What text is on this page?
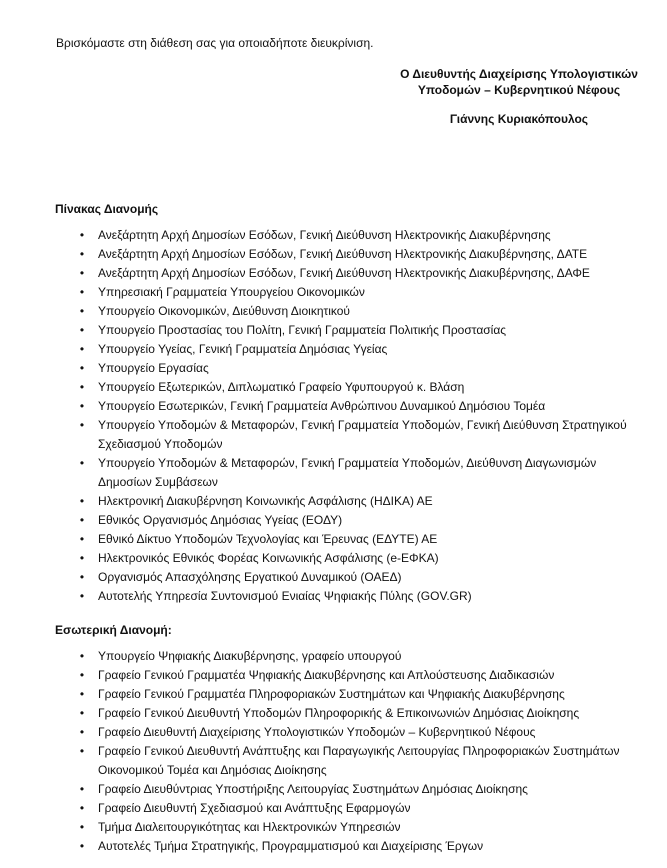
Βρισκόμαστε στη διάθεση σας για οποιαδήποτε διευκρίνιση.
Ο Διευθυντής Διαχείρισης Υπολογιστικών
Υποδομών – Κυβερνητικού Νέφους
Γιάννης Κυριακόπουλος
Πίνακας Διανομής
• Ανεξάρτητη Αρχή Δημοσίων Εσόδων, Γενική Διεύθυνση Ηλεκτρονικής Διακυβέρνησης
• Ανεξάρτητη Αρχή Δημοσίων Εσόδων, Γενική Διεύθυνση Ηλεκτρονικής Διακυβέρνησης, ΔΑΤΕ
• Ανεξάρτητη Αρχή Δημοσίων Εσόδων, Γενική Διεύθυνση Ηλεκτρονικής Διακυβέρνησης, ΔΑΦΕ
• Υπηρεσιακή Γραμματεία Υπουργείου Οικονομικών
• Υπουργείο Οικονομικών, Διεύθυνση Διοικητικού
• Υπουργείο Προστασίας του Πολίτη, Γενική Γραμματεία Πολιτικής Προστασίας
• Υπουργείο Υγείας, Γενική Γραμματεία Δημόσιας Υγείας
• Υπουργείο Εργασίας
• Υπουργείο Εξωτερικών, Διπλωματικό Γραφείο Υφυπουργού κ. Βλάση
• Υπουργείο Εσωτερικών, Γενική Γραμματεία Ανθρώπινου Δυναμικού Δημόσιου Τομέα
• Υπουργείο Υποδομών & Μεταφορών, Γενική Γραμματεία Υποδομών, Γενική Διεύθυνση Στρατηγικού Σχεδιασμού Υποδομών
• Υπουργείο Υποδομών & Μεταφορών, Γενική Γραμματεία Υποδομών, Διεύθυνση Διαγωνισμών Δημοσίων Συμβάσεων
• Ηλεκτρονική Διακυβέρνηση Κοινωνικής Ασφάλισης (ΗΔΙΚΑ) ΑΕ
• Εθνικός Οργανισμός Δημόσιας Υγείας (ΕΟΔΥ)
• Εθνικό Δίκτυο Υποδομών Τεχνολογίας και Έρευνας (ΕΔΥΤΕ) ΑΕ
• Ηλεκτρονικός Εθνικός Φορέας Κοινωνικής Ασφάλισης (e-ΕΦΚΑ)
• Οργανισμός Απασχόλησης Εργατικού Δυναμικού (ΟΑΕΔ)
• Αυτοτελής Υπηρεσία Συντονισμού Ενιαίας Ψηφιακής Πύλης (GOV.GR)
Εσωτερική Διανομή:
• Υπουργείο Ψηφιακής Διακυβέρνησης, γραφείο υπουργού
• Γραφείο Γενικού Γραμματέα Ψηφιακής Διακυβέρνησης και Απλούστευσης Διαδικασιών
• Γραφείο Γενικού Γραμματέα Πληροφοριακών Συστημάτων και Ψηφιακής Διακυβέρνησης
• Γραφείο Γενικού Διευθυντή Υποδομών Πληροφορικής & Επικοινωνιών Δημόσιας Διοίκησης
• Γραφείο Διευθυντή Διαχείρισης Υπολογιστικών Υποδομών – Κυβερνητικού Νέφους
• Γραφείο Γενικού Διευθυντή Ανάπτυξης και Παραγωγικής Λειτουργίας Πληροφοριακών Συστημάτων Οικονομικού Τομέα και Δημόσιας Διοίκησης
• Γραφείο Διευθύντριας Υποστήριξης Λειτουργίας Συστημάτων Δημόσιας Διοίκησης
• Γραφείο Διευθυντή Σχεδιασμού και Ανάπτυξης Εφαρμογών
• Τμήμα Διαλειτουργικότητας και Ηλεκτρονικών Υπηρεσιών
• Αυτοτελές Τμήμα Στρατηγικής, Προγραμματισμού και Διαχείρισης Έργων
